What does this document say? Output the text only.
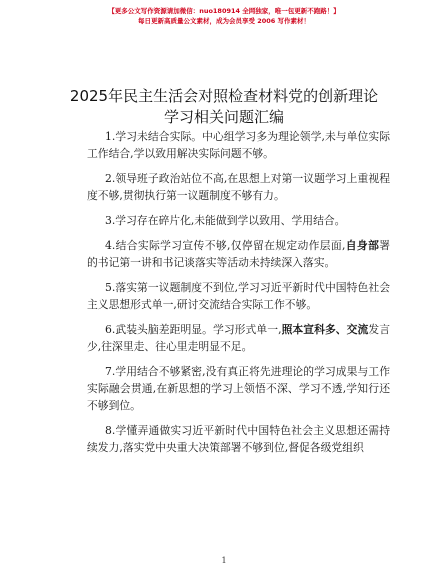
【更多公文写作资源请加微信：nuo180914 全网独家，唯一包更新不跑路！】
每日更新高质量公文素材，成为会员享受 2006 写作素材！
2025年民主生活会对照检查材料党的创新理论
学习相关问题汇编

1.学习未结合实际。中心组学习多为理论领学,未与单位实际工作结合,学以致用解决实际问题不够。

2.领导班子政治站位不高,在思想上对第一议题学习上重视程度不够,贯彻执行第一议题制度不够有力。

3.学习存在碎片化,未能做到学以致用、学用结合。

4.结合实际学习宣传不够,仅停留在规定动作层面,自身部署的书记第一讲和书记谈落实等活动未持续深入落实。

5.落实第一议题制度不到位,学习习近平新时代中国特色社会主义思想形式单一,研讨交流结合实际工作不够。

6.武装头脑差距明显。学习形式单一,照本宣科多、交流发言少,往深里走、往心里走明显不足。

7.学用结合不够紧密,没有真正将先进理论的学习成果与工作实际融会贯通,在新思想的学习上领悟不深、学习不透,学知行还不够到位。

8.学懂弄通做实习近平新时代中国特色社会主义思想还需持续发力,落实党中央重大决策部署不够到位,督促各级党组织

1
